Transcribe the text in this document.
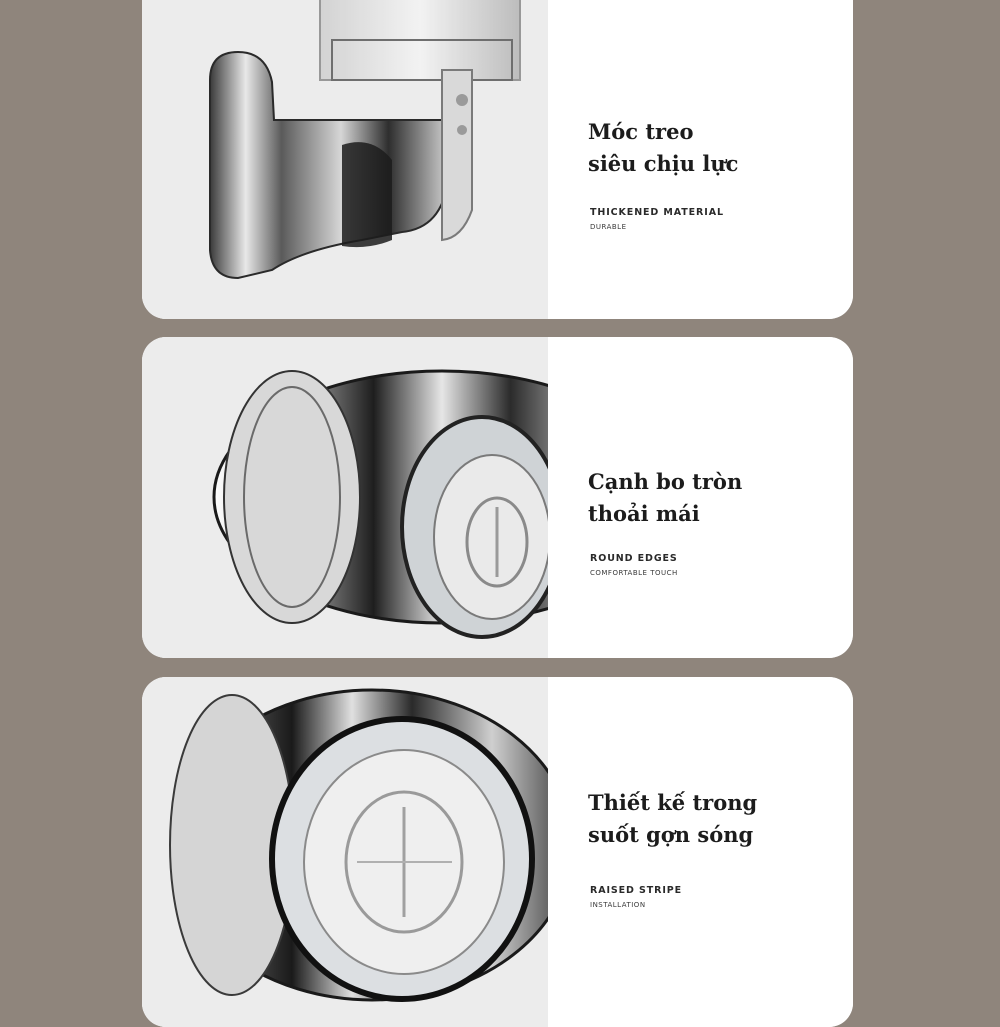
Móc treo
siêu chịu lực
THICKENED MATERIAL
DURABLE
Cạnh bo tròn
thoải mái
ROUND EDGES
COMFORTABLE TOUCH
Thiết kế trong
suốt gợn sóng
RAISED STRIPE
INSTALLATION
